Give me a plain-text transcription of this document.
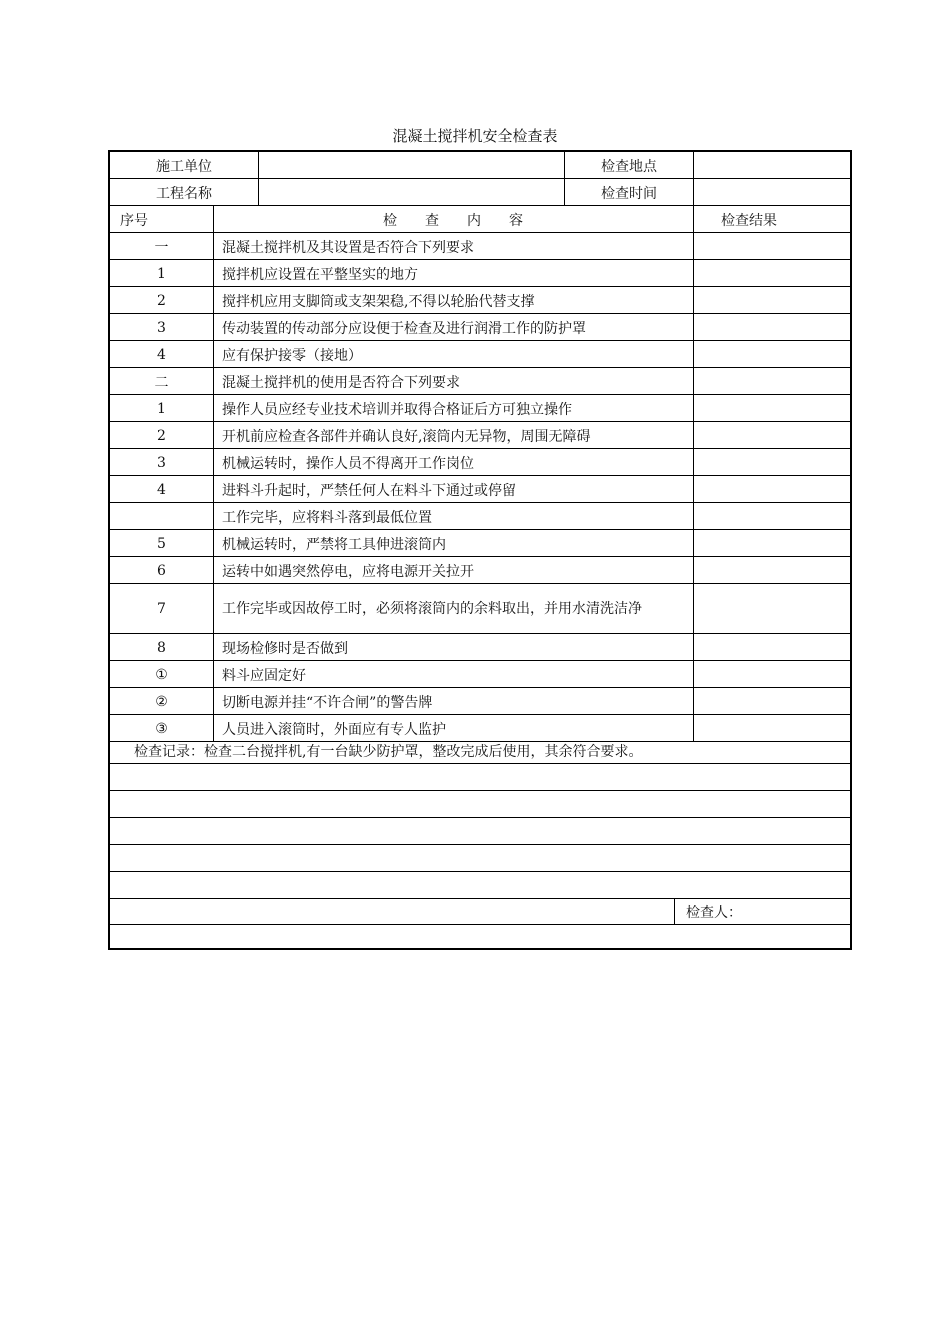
混凝土搅拌机安全检查表
施工单位	检查地点
工程名称	检查时间
序号	检　　查　　内　　容	检查结果
一	混凝土搅拌机及其设置是否符合下列要求
1	搅拌机应设置在平整坚实的地方
2	搅拌机应用支脚筒或支架架稳,不得以轮胎代替支撑
3	传动装置的传动部分应设便于检查及进行润滑工作的防护罩
4	应有保护接零（接地）
二	混凝土搅拌机的使用是否符合下列要求
1	操作人员应经专业技术培训并取得合格证后方可独立操作
2	开机前应检查各部件并确认良好,滚筒内无异物，周围无障碍
3	机械运转时，操作人员不得离开工作岗位
4	进料斗升起时，严禁任何人在料斗下通过或停留
工作完毕，应将料斗落到最低位置
5	机械运转时，严禁将工具伸进滚筒内
6	运转中如遇突然停电，应将电源开关拉开
7	工作完毕或因故停工时，必须将滚筒内的余料取出，并用水清洗洁净
8	现场检修时是否做到
①	料斗应固定好
②	切断电源并挂“不许合闸”的警告牌
③	人员进入滚筒时，外面应有专人监护
检查记录：检查二台搅拌机,有一台缺少防护罩，整改完成后使用，其余符合要求。
检查人：
